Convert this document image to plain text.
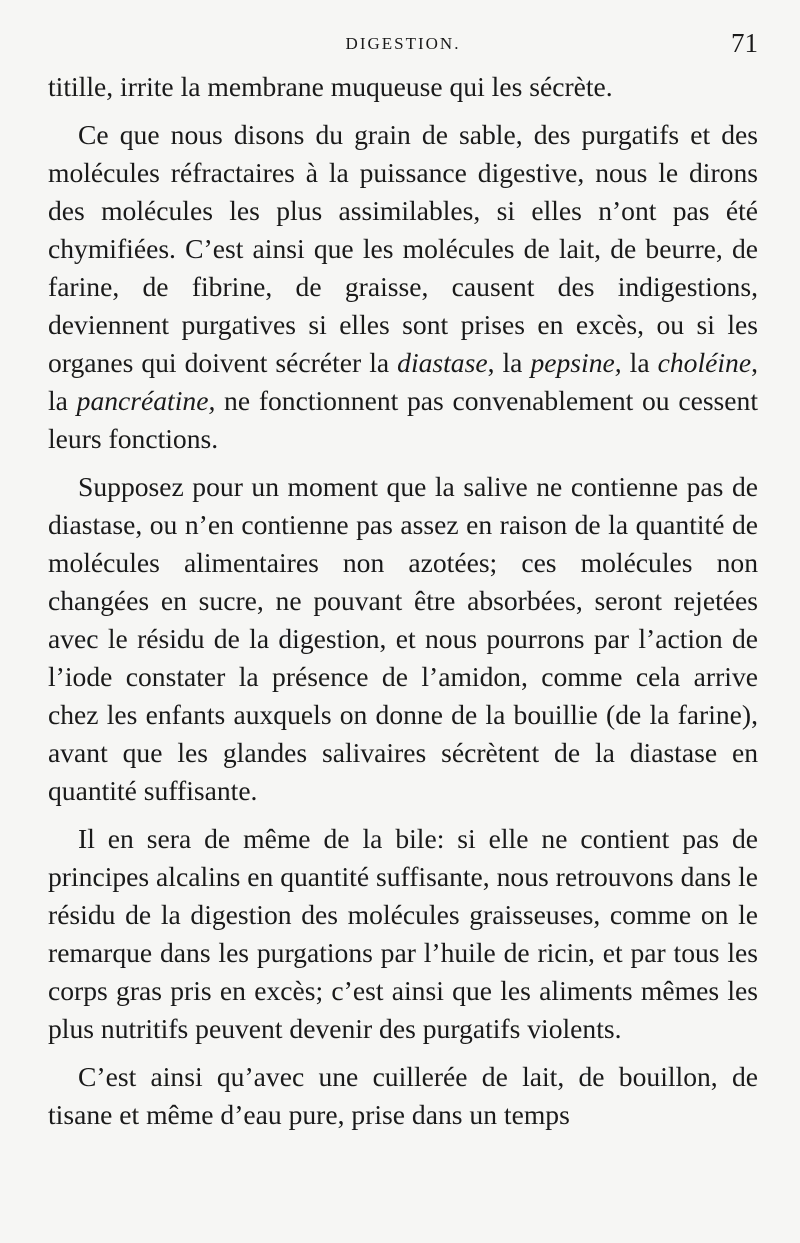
DIGESTION.	71

titille, irrite la membrane muqueuse qui les sécrète.

Ce que nous disons du grain de sable, des purgatifs et des molécules réfractaires à la puissance digestive, nous le dirons des molécules les plus assimilables, si elles n’ont pas été chymifiées. C’est ainsi que les molécules de lait, de beurre, de farine, de fibrine, de graisse, causent des indigestions, deviennent purgatives si elles sont prises en excès, ou si les organes qui doivent sécréter la diastase, la pepsine, la choléine, la pancréatine, ne fonctionnent pas convenablement ou cessent leurs fonctions.

Supposez pour un moment que la salive ne contienne pas de diastase, ou n’en contienne pas assez en raison de la quantité de molécules alimentaires non azotées; ces molécules non changées en sucre, ne pouvant être absorbées, seront rejetées avec le résidu de la digestion, et nous pourrons par l’action de l’iode constater la présence de l’amidon, comme cela arrive chez les enfants auxquels on donne de la bouillie (de la farine), avant que les glandes salivaires sécrètent de la diastase en quantité suffisante.

Il en sera de même de la bile: si elle ne contient pas de principes alcalins en quantité suffisante, nous retrouvons dans le résidu de la digestion des molécules graisseuses, comme on le remarque dans les purgations par l’huile de ricin, et par tous les corps gras pris en excès; c’est ainsi que les aliments mêmes les plus nutritifs peuvent devenir des purgatifs violents.

C’est ainsi qu’avec une cuillerée de lait, de bouillon, de tisane et même d’eau pure, prise dans un temps
